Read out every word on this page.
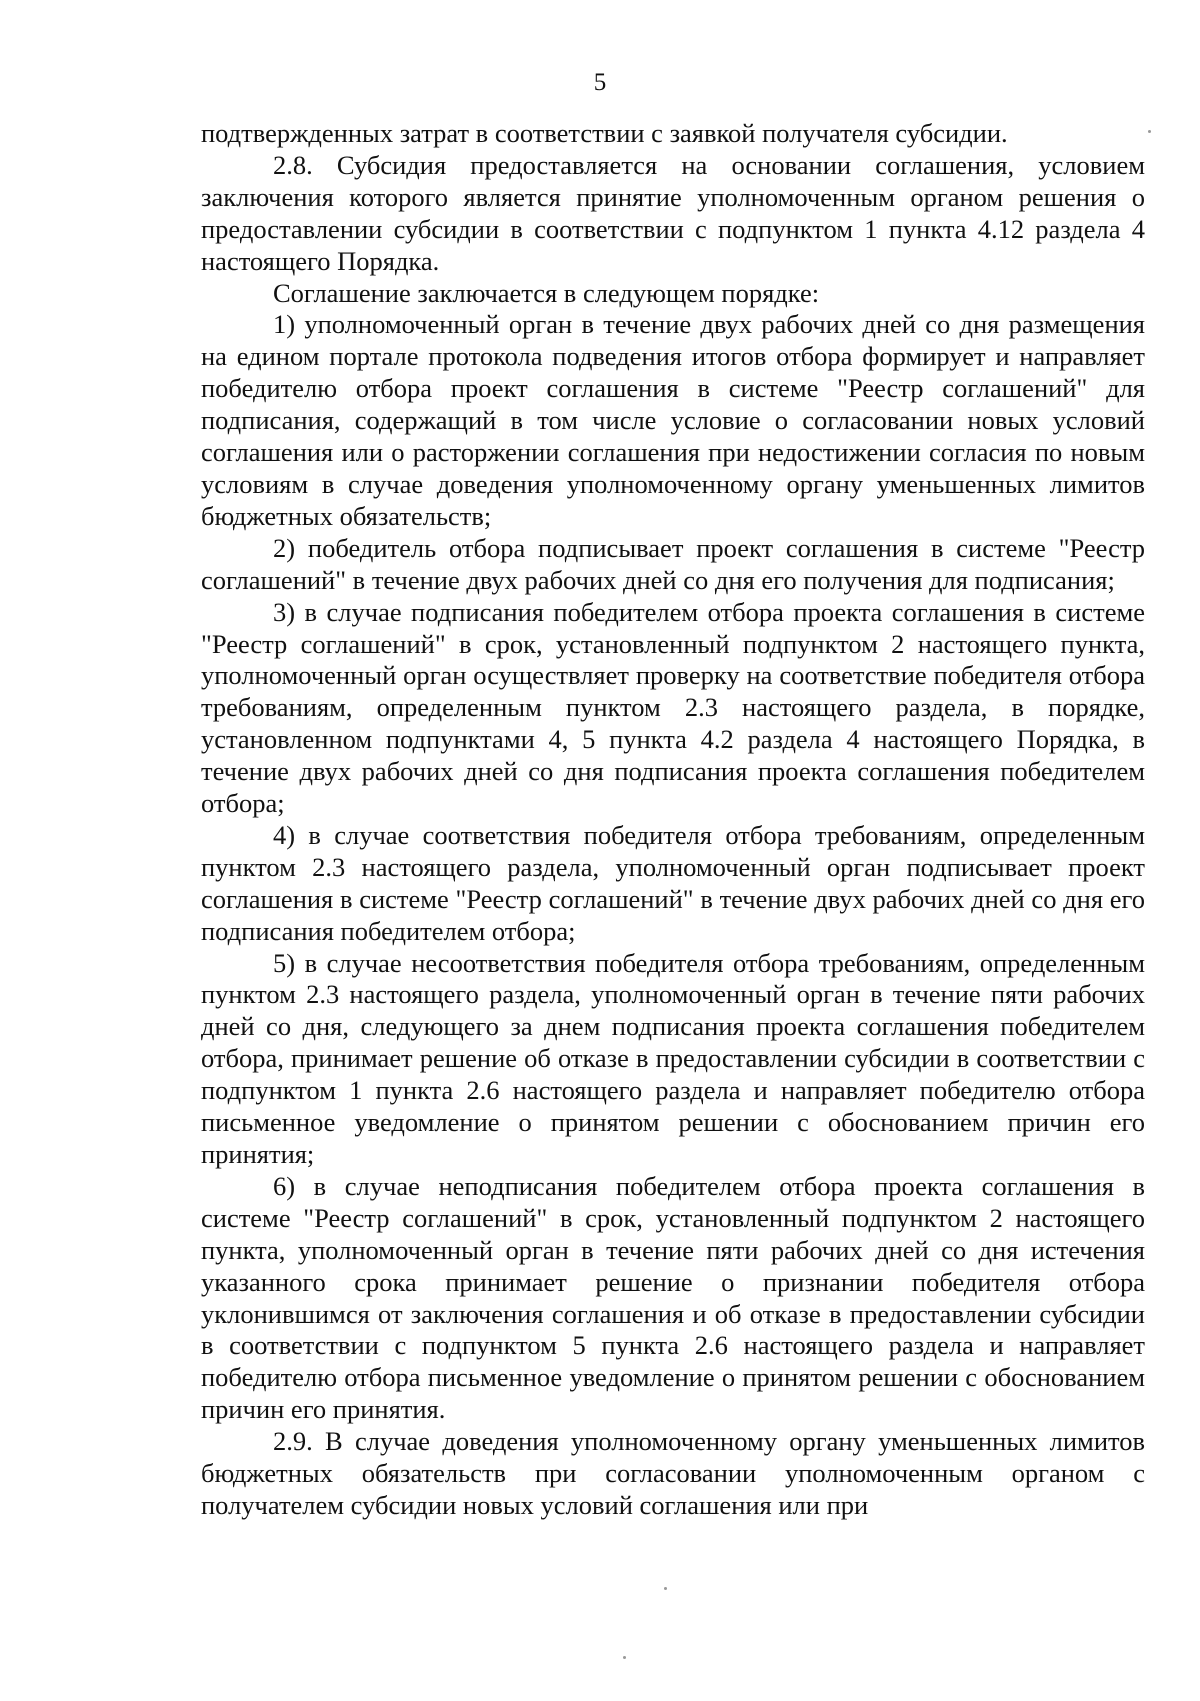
5

подтвержденных затрат в соответствии с заявкой получателя субсидии.

2.8. Субсидия предоставляется на основании соглашения, условием заключения которого является принятие уполномоченным органом решения о предоставлении субсидии в соответствии с подпунктом 1 пункта 4.12 раздела 4 настоящего Порядка.

Соглашение заключается в следующем порядке:

1) уполномоченный орган в течение двух рабочих дней со дня размещения на едином портале протокола подведения итогов отбора формирует и направляет победителю отбора проект соглашения в системе "Реестр соглашений" для подписания, содержащий в том числе условие о согласовании новых условий соглашения или о расторжении соглашения при недостижении согласия по новым условиям в случае доведения уполномоченному органу уменьшенных лимитов бюджетных обязательств;

2) победитель отбора подписывает проект соглашения в системе "Реестр соглашений" в течение двух рабочих дней со дня его получения для подписания;

3) в случае подписания победителем отбора проекта соглашения в системе "Реестр соглашений" в срок, установленный подпунктом 2 настоящего пункта, уполномоченный орган осуществляет проверку на соответствие победителя отбора требованиям, определенным пунктом 2.3 настоящего раздела, в порядке, установленном подпунктами 4, 5 пункта 4.2 раздела 4 настоящего Порядка, в течение двух рабочих дней со дня подписания проекта соглашения победителем отбора;

4) в случае соответствия победителя отбора требованиям, определенным пунктом 2.3 настоящего раздела, уполномоченный орган подписывает проект соглашения в системе "Реестр соглашений" в течение двух рабочих дней со дня его подписания победителем отбора;

5) в случае несоответствия победителя отбора требованиям, определенным пунктом 2.3 настоящего раздела, уполномоченный орган в течение пяти рабочих дней со дня, следующего за днем подписания проекта соглашения победителем отбора, принимает решение об отказе в предоставлении субсидии в соответствии с подпунктом 1 пункта 2.6 настоящего раздела и направляет победителю отбора письменное уведомление о принятом решении с обоснованием причин его принятия;

6) в случае неподписания победителем отбора проекта соглашения в системе "Реестр соглашений" в срок, установленный подпунктом 2 настоящего пункта, уполномоченный орган в течение пяти рабочих дней со дня истечения указанного срока принимает решение о признании победителя отбора уклонившимся от заключения соглашения и об отказе в предоставлении субсидии в соответствии с подпунктом 5 пункта 2.6 настоящего раздела и направляет победителю отбора письменное уведомление о принятом решении с обоснованием причин его принятия.

2.9. В случае доведения уполномоченному органу уменьшенных лимитов бюджетных обязательств при согласовании уполномоченным органом с получателем субсидии новых условий соглашения или при
